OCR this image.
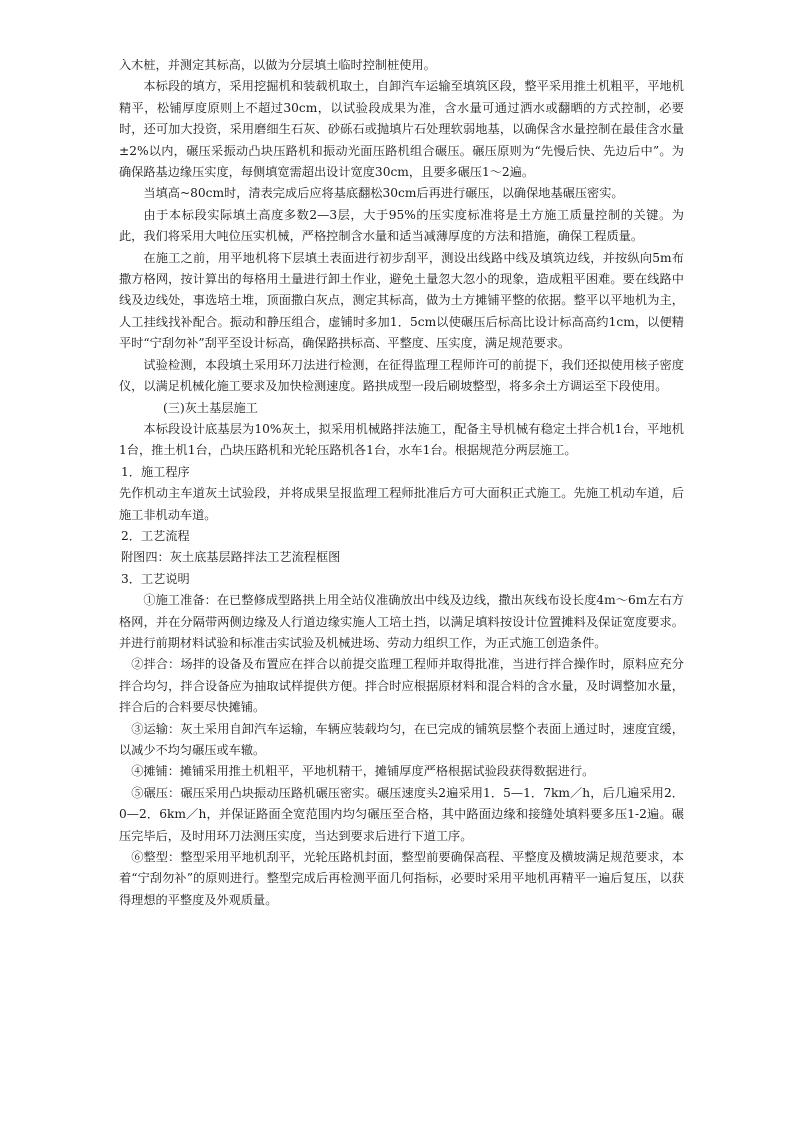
入木桩，并测定其标高，以做为分层填土临时控制桩使用。

本标段的填方，采用挖掘机和装载机取土，自卸汽车运输至填筑区段，整平采用推土机粗平，平地机精平，松铺厚度原则上不超过30cm，以试验段成果为准，含水量可通过洒水或翻晒的方式控制，必要时，还可加大投资，采用磨细生石灰、砂砾石或抛填片石处理软弱地基，以确保含水量控制在最佳含水量±2%以内，碾压采振动凸块压路机和振动光面压路机组合碾压。碾压原则为“先慢后快、先边后中”。为确保路基边缘压实度，每侧填宽需超出设计宽度30cm，且要多碾压1～2遍。

当填高~80cm时，清表完成后应将基底翻松30cm后再进行碾压，以确保地基碾压密实。

由于本标段实际填土高度多数2—3层，大于95%的压实度标准将是土方施工质量控制的关键。为此，我们将采用大吨位压实机械，严格控制含水量和适当减薄厚度的方法和措施，确保工程质量。

在施工之前，用平地机将下层填土表面进行初步刮平，测设出线路中线及填筑边线，并按纵向5m布撒方格网，按计算出的每格用土量进行卸土作业，避免土量忽大忽小的现象，造成粗平困难。要在线路中线及边线处，事选培土堆，顶面撒白灰点，测定其标高，做为土方摊铺平整的依据。整平以平地机为主，人工挂线找补配合。振动和静压组合，虚铺时多加1．5cm以使碾压后标高比设计标高高约1cm，以便精平时“宁刮勿补”刮平至设计标高，确保路拱标高、平整度、压实度，满足规范要求。

试验检测，本段填土采用环刀法进行检测，在征得监理工程师许可的前提下，我们还拟使用核子密度仪，以满足机械化施工要求及加快检测速度。路拱成型一段后刷坡整型，将多余土方调运至下段使用。

(三)灰土基层施工

本标段设计底基层为10%灰土，拟采用机械路拌法施工，配备主导机械有稳定土拌合机1台，平地机1台，推土机1台，凸块压路机和光轮压路机各1台，水车1台。根据规范分两层施工。

1．施工程序

先作机动主车道灰土试验段，并将成果呈报监理工程师批准后方可大面积正式施工。先施工机动车道，后施工非机动车道。

2．工艺流程

附图四：灰土底基层路拌法工艺流程框图

3．工艺说明

①施工准备：在已整修成型路拱上用全站仪准确放出中线及边线，撒出灰线布设长度4m～6m左右方格网，并在分隔带两侧边缘及人行道边缘实施人工培土挡，以满足填料按设计位置摊料及保证宽度要求。并进行前期材料试验和标准击实试验及机械进场、劳动力组织工作，为正式施工创造条件。

②拌合：场拌的设备及布置应在拌合以前提交监理工程师并取得批准，当进行拌合操作时，原料应充分拌合均匀，拌合设备应为抽取试样提供方便。拌合时应根据原材料和混合料的含水量，及时调整加水量，拌合后的合料要尽快摊铺。

③运输：灰土采用自卸汽车运输，车辆应装载均匀，在已完成的铺筑层整个表面上通过时，速度宜缓，以减少不均匀碾压或车辙。

④摊铺：摊铺采用推土机粗平，平地机精干，摊铺厚度严格根据试验段获得数据进行。

⑤碾压：碾压采用凸块振动压路机碾压密实。碾压速度头2遍采用1．5—1．7km／h，后几遍采用2．0—2．6km／h，并保证路面全宽范围内均匀碾压至合格，其中路面边缘和接缝处填料要多压1-2遍。碾压完毕后，及时用环刀法测压实度，当达到要求后进行下道工序。

⑥整型：整型采用平地机刮平，光轮压路机封面，整型前要确保高程、平整度及横坡满足规范要求，本着“宁刮勿补”的原则进行。整型完成后再检测平面几何指标，必要时采用平地机再精平一遍后复压，以获得理想的平整度及外观质量。
